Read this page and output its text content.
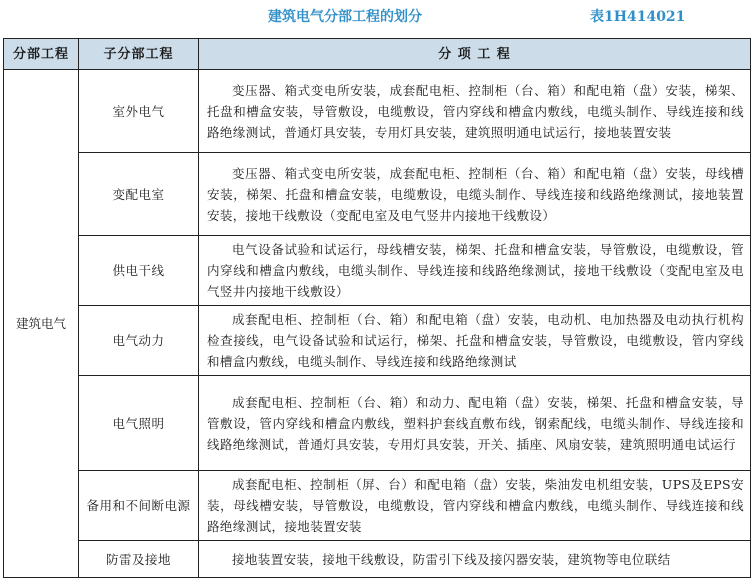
建筑电气分部工程的划分	表1H414021
分部工程	子分部工程	分 项 工 程
建筑电气	室外电气	变压器、箱式变电所安装，成套配电柜、控制柜（台、箱）和配电箱（盘）安装，梯架、托盘和槽盒安装，导管敷设，电缆敷设，管内穿线和槽盒内敷线，电缆头制作、导线连接和线路绝缘测试，普通灯具安装，专用灯具安装，建筑照明通电试运行，接地装置安装
	变配电室	变压器、箱式变电所安装，成套配电柜、控制柜（台、箱）和配电箱（盘）安装，母线槽安装，梯架、托盘和槽盒安装，电缆敷设，电缆头制作、导线连接和线路绝缘测试，接地装置安装，接地干线敷设（变配电室及电气竖井内接地干线敷设）
	供电干线	电气设备试验和试运行，母线槽安装，梯架、托盘和槽盒安装，导管敷设，电缆敷设，管内穿线和槽盒内敷线，电缆头制作、导线连接和线路绝缘测试，接地干线敷设（变配电室及电气竖井内接地干线敷设）
	电气动力	成套配电柜、控制柜（台、箱）和配电箱（盘）安装，电动机、电加热器及电动执行机构检查接线，电气设备试验和试运行，梯架、托盘和槽盒安装，导管敷设，电缆敷设，管内穿线和槽盒内敷线，电缆头制作、导线连接和线路绝缘测试
	电气照明	成套配电柜、控制柜（台、箱）和动力、配电箱（盘）安装，梯架、托盘和槽盒安装，导管敷设，管内穿线和槽盒内敷线，塑料护套线直敷布线，钢索配线，电缆头制作、导线连接和线路绝缘测试，普通灯具安装，专用灯具安装，开关、插座、风扇安装，建筑照明通电试运行
	备用和不间断电源	成套配电柜、控制柜（屏、台）和配电箱（盘）安装，柴油发电机组安装，UPS及EPS安装，母线槽安装，导管敷设，电缆敷设，管内穿线和槽盒内敷线，电缆头制作、导线连接和线路绝缘测试，接地装置安装
	防雷及接地	接地装置安装，接地干线敷设，防雷引下线及接闪器安装，建筑物等电位联结
